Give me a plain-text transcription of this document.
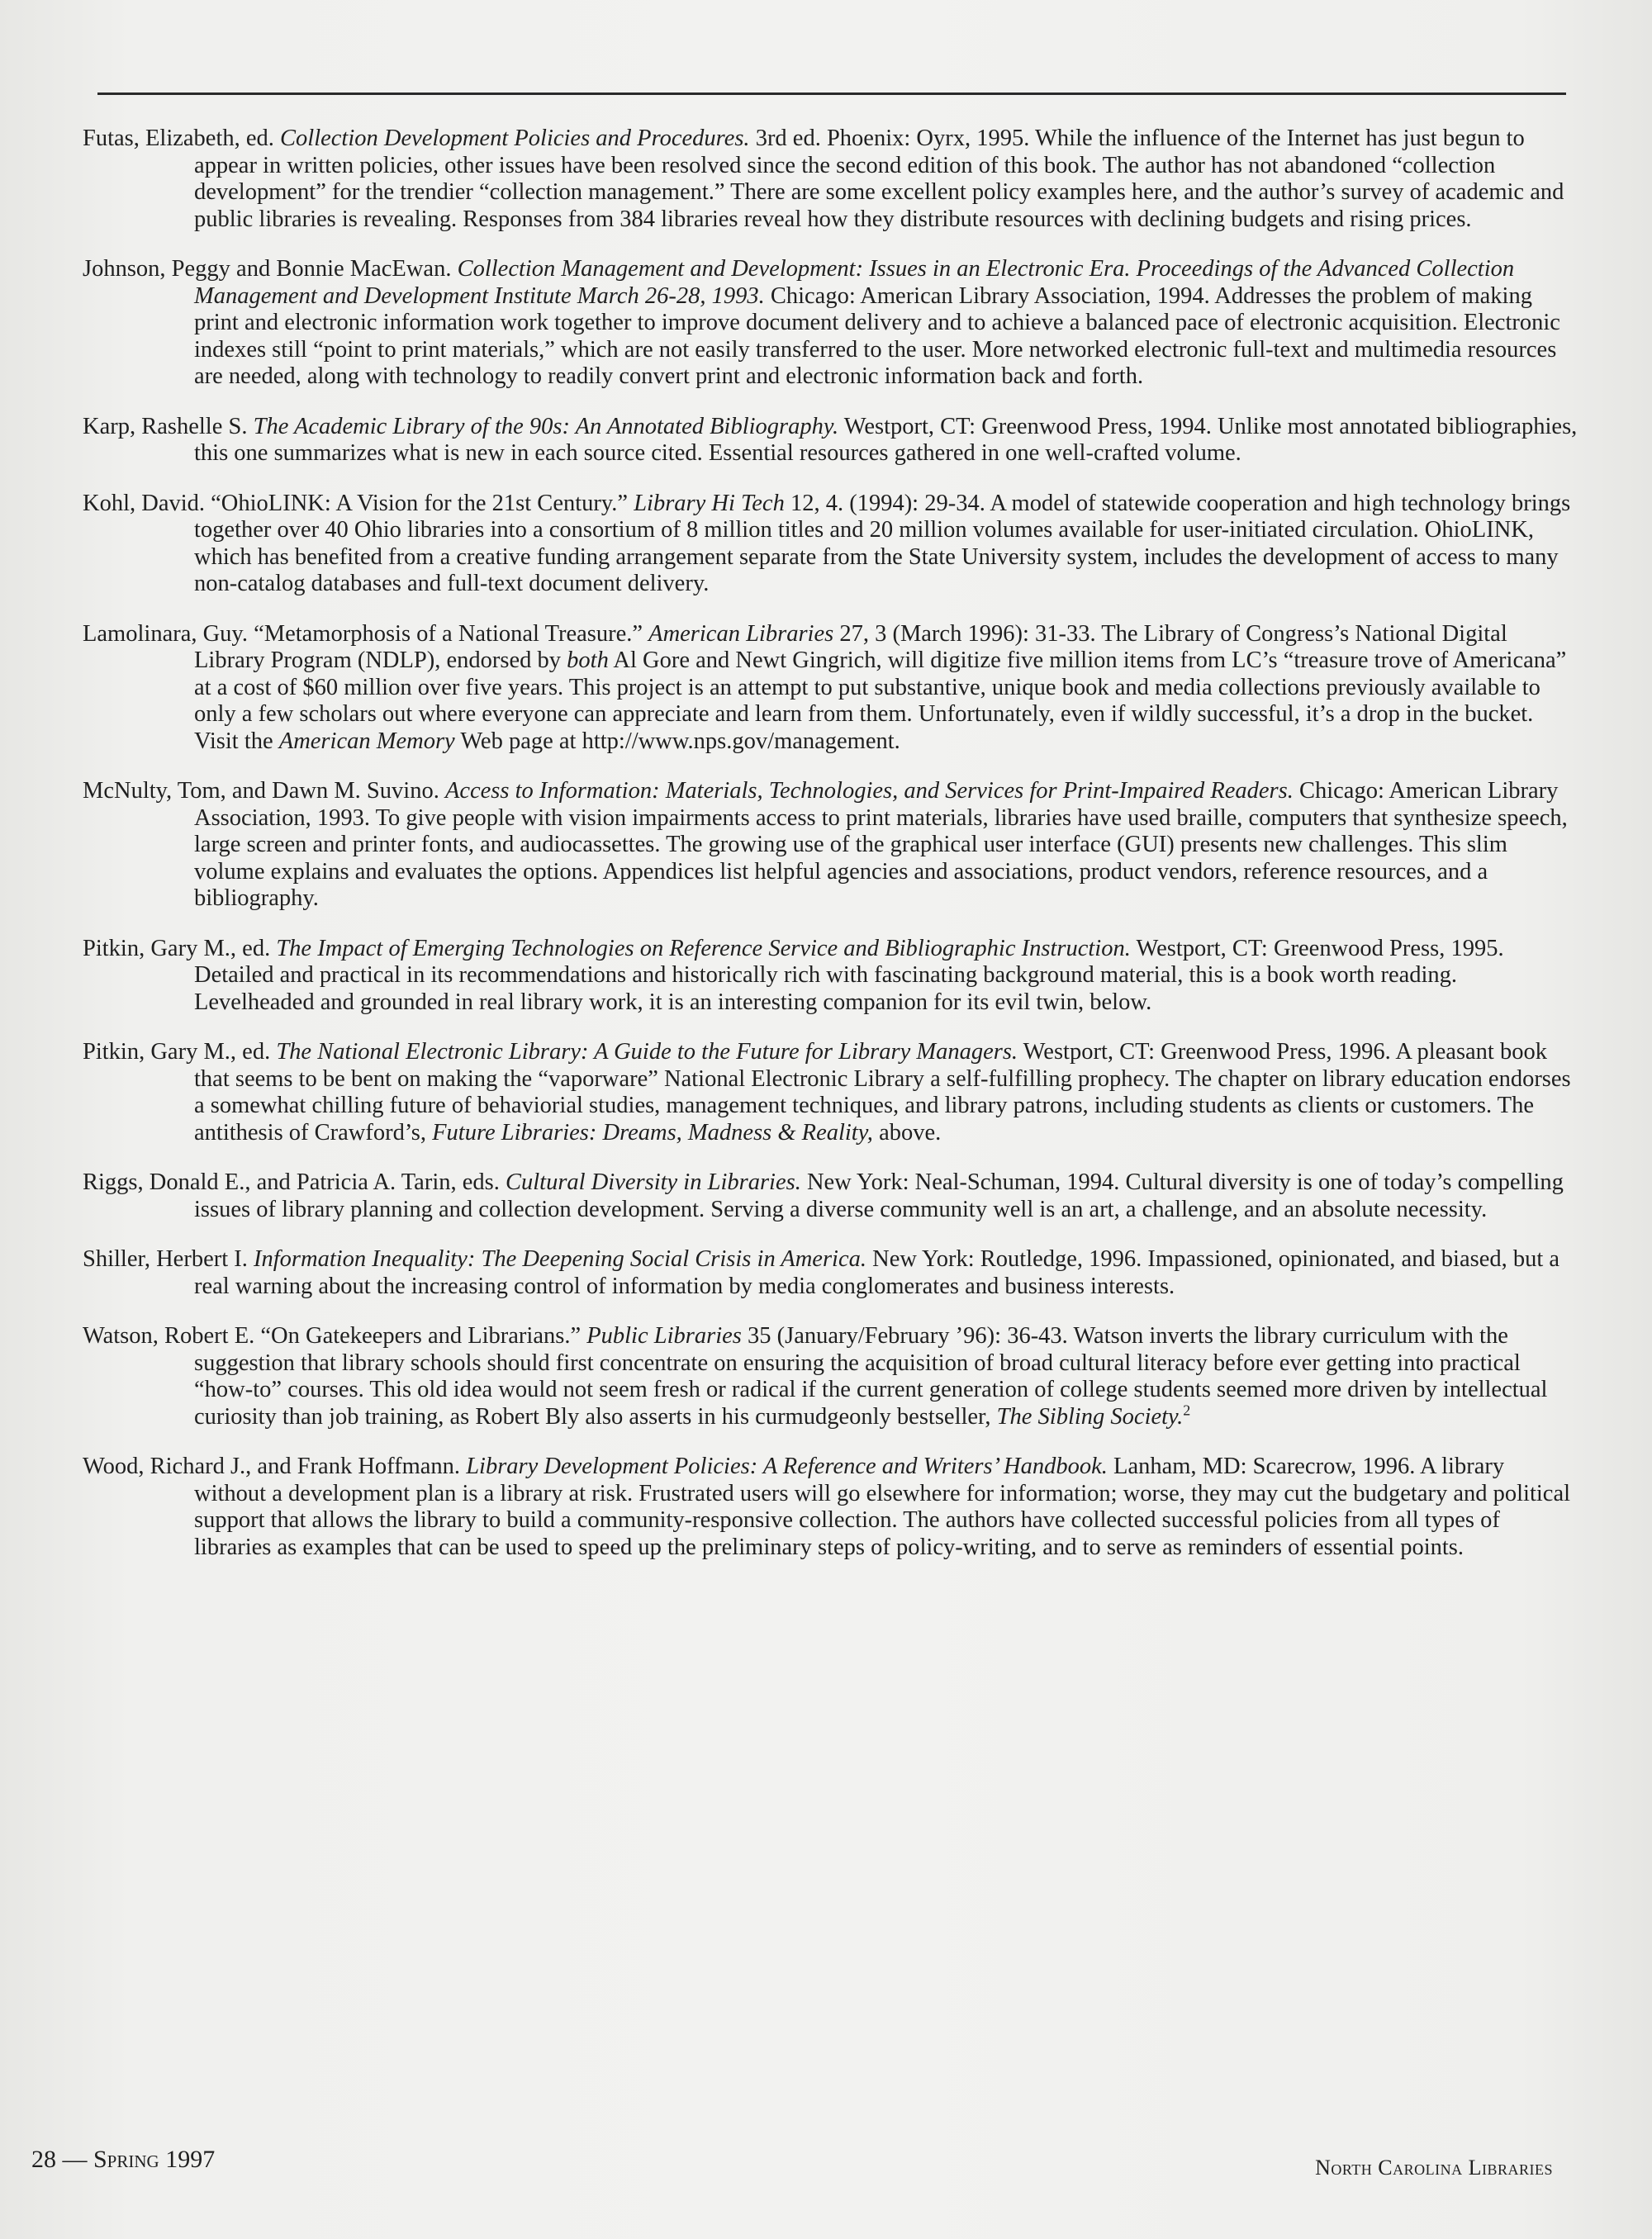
Futas, Elizabeth, ed. Collection Development Policies and Procedures. 3rd ed. Phoenix: Oyrx, 1995. While the influence of the Internet has just begun to appear in written policies, other issues have been resolved since the second edition of this book. The author has not abandoned “collection development” for the trendier “collection management.” There are some excellent policy examples here, and the author’s survey of academic and public libraries is revealing. Responses from 384 libraries reveal how they distribute resources with declining budgets and rising prices.

Johnson, Peggy and Bonnie MacEwan. Collection Management and Development: Issues in an Electronic Era. Proceedings of the Advanced Collection Management and Development Institute March 26-28, 1993. Chicago: American Library Association, 1994. Addresses the problem of making print and electronic information work together to improve document delivery and to achieve a balanced pace of electronic acquisition. Electronic indexes still “point to print materials,” which are not easily transferred to the user. More networked electronic full-text and multimedia resources are needed, along with technology to readily convert print and electronic information back and forth.

Karp, Rashelle S. The Academic Library of the 90s: An Annotated Bibliography. Westport, CT: Greenwood Press, 1994. Unlike most annotated bibliographies, this one summarizes what is new in each source cited. Essential resources gathered in one well-crafted volume.

Kohl, David. “OhioLINK: A Vision for the 21st Century.” Library Hi Tech 12, 4. (1994): 29-34. A model of statewide cooperation and high technology brings together over 40 Ohio libraries into a consortium of 8 million titles and 20 million volumes available for user-initiated circulation. OhioLINK, which has benefited from a creative funding arrangement separate from the State University system, includes the development of access to many non-catalog databases and full-text document delivery.

Lamolinara, Guy. “Metamorphosis of a National Treasure.” American Libraries 27, 3 (March 1996): 31-33. The Library of Congress’s National Digital Library Program (NDLP), endorsed by both Al Gore and Newt Gingrich, will digitize five million items from LC’s “treasure trove of Americana” at a cost of $60 million over five years. This project is an attempt to put substantive, unique book and media collections previously available to only a few scholars out where everyone can appreciate and learn from them. Unfortunately, even if wildly successful, it’s a drop in the bucket. Visit the American Memory Web page at http://www.nps.gov/management.

McNulty, Tom, and Dawn M. Suvino. Access to Information: Materials, Technologies, and Services for Print-Impaired Readers. Chicago: American Library Association, 1993. To give people with vision impairments access to print materials, libraries have used braille, computers that synthesize speech, large screen and printer fonts, and audiocassettes. The growing use of the graphical user interface (GUI) presents new challenges. This slim volume explains and evaluates the options. Appendices list helpful agencies and associations, product vendors, reference resources, and a bibliography.

Pitkin, Gary M., ed. The Impact of Emerging Technologies on Reference Service and Bibliographic Instruction. Westport, CT: Greenwood Press, 1995. Detailed and practical in its recommendations and historically rich with fascinating background material, this is a book worth reading. Levelheaded and grounded in real library work, it is an interesting companion for its evil twin, below.

Pitkin, Gary M., ed. The National Electronic Library: A Guide to the Future for Library Managers. Westport, CT: Greenwood Press, 1996. A pleasant book that seems to be bent on making the “vaporware” National Electronic Library a self-fulfilling prophecy. The chapter on library education endorses a somewhat chilling future of behaviorial studies, management techniques, and library patrons, including students as clients or customers. The antithesis of Crawford’s, Future Libraries: Dreams, Madness & Reality, above.

Riggs, Donald E., and Patricia A. Tarin, eds. Cultural Diversity in Libraries. New York: Neal-Schuman, 1994. Cultural diversity is one of today’s compelling issues of library planning and collection development. Serving a diverse community well is an art, a challenge, and an absolute necessity.

Shiller, Herbert I. Information Inequality: The Deepening Social Crisis in America. New York: Routledge, 1996. Impassioned, opinionated, and biased, but a real warning about the increasing control of information by media conglomerates and business interests.

Watson, Robert E. “On Gatekeepers and Librarians.” Public Libraries 35 (January/February ’96): 36-43. Watson inverts the library curriculum with the suggestion that library schools should first concentrate on ensuring the acquisition of broad cultural literacy before ever getting into practical “how-to” courses. This old idea would not seem fresh or radical if the current generation of college students seemed more driven by intellectual curiosity than job training, as Robert Bly also asserts in his curmudgeonly bestseller, The Sibling Society.$^2$

Wood, Richard J., and Frank Hoffmann. Library Development Policies: A Reference and Writers’ Handbook. Lanham, MD: Scarecrow, 1996. A library without a development plan is a library at risk. Frustrated users will go elsewhere for information; worse, they may cut the budgetary and political support that allows the library to build a community-responsive collection. The authors have collected successful policies from all types of libraries as examples that can be used to speed up the preliminary steps of policy-writing, and to serve as reminders of essential points.

28 — Spring 1997	North Carolina Libraries
